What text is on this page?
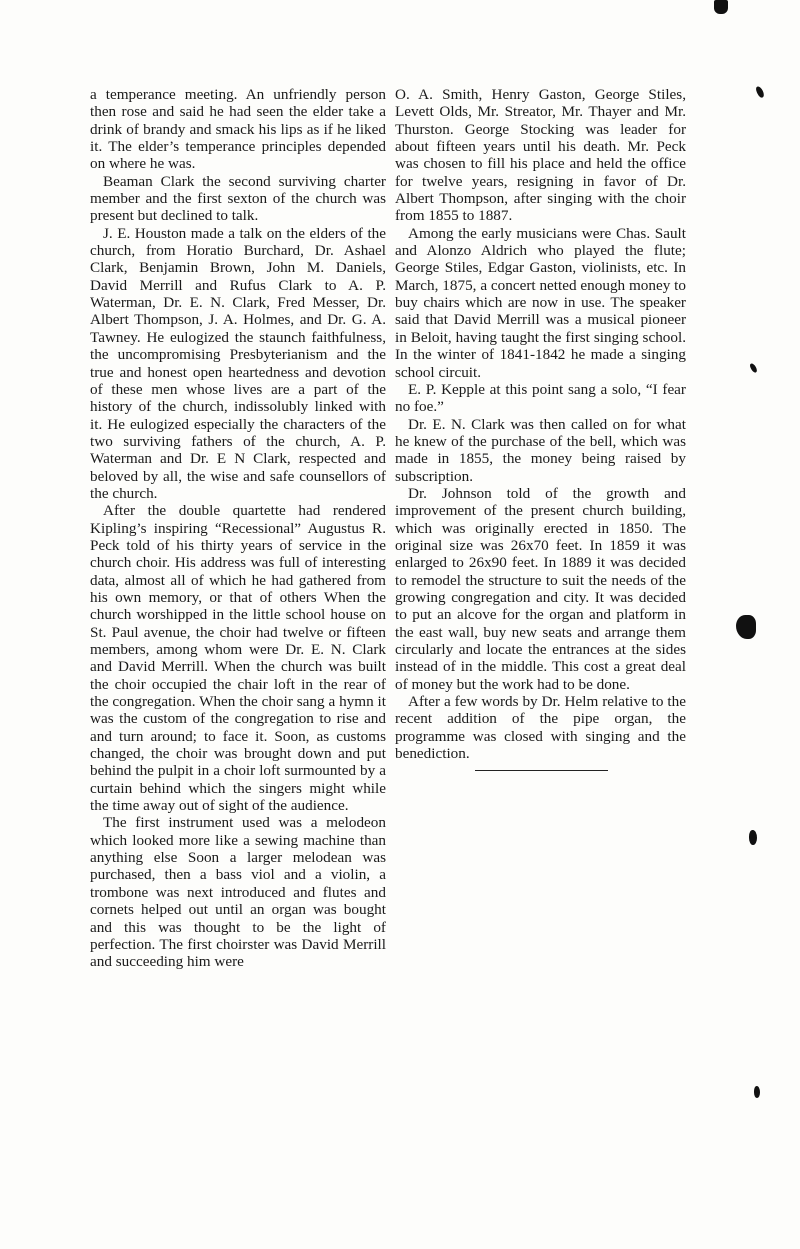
a temperance meeting. An unfriendly person then rose and said he had seen the elder take a drink of brandy and smack his lips as if he liked it. The elder’s temperance principles depended on where he was.

Beaman Clark the second surviving charter member and the first sexton of the church was present but declined to talk.

J. E. Houston made a talk on the elders of the church, from Horatio Burchard, Dr. Ashael Clark, Benjamin Brown, John M. Daniels, David Merrill and Rufus Clark to A. P. Waterman, Dr. E. N. Clark, Fred Messer, Dr. Albert Thompson, J. A. Holmes, and Dr. G. A. Tawney. He eulogized the staunch faithfulness, the uncompromising Presbyterianism and the true and honest open heartedness and devotion of these men whose lives are a part of the history of the church, indissolubly linked with it. He eulogized especially the characters of the two surviving fathers of the church, A. P. Waterman and Dr. E N Clark, respected and beloved by all, the wise and safe counsellors of the church.

After the double quartette had rendered Kipling’s inspiring “Recessional” Augustus R. Peck told of his thirty years of service in the church choir. His address was full of interesting data, almost all of which he had gathered from his own memory, or that of others When the church worshipped in the little school house on St. Paul avenue, the choir had twelve or fifteen members, among whom were Dr. E. N. Clark and David Merrill. When the church was built the choir occupied the chair loft in the rear of the congregation. When the choir sang a hymn it was the custom of the congregation to rise and and turn around; to face it. Soon, as customs changed, the choir was brought down and put behind the pulpit in a choir loft surmounted by a curtain behind which the singers might while the time away out of sight of the audience.

The first instrument used was a melodeon which looked more like a sewing machine than anything else Soon a larger melodean was purchased, then a bass viol and a violin, a trombone was next introduced and flutes and cornets helped out until an organ was bought and this was thought to be the light of perfection. The first choirster was David Merrill and succeeding him were

O. A. Smith, Henry Gaston, George Stiles, Levett Olds, Mr. Streator, Mr. Thayer and Mr. Thurston. George Stocking was leader for about fifteen years until his death. Mr. Peck was chosen to fill his place and held the office for twelve years, resigning in favor of Dr. Albert Thompson, after singing with the choir from 1855 to 1887.

Among the early musicians were Chas. Sault and Alonzo Aldrich who played the flute; George Stiles, Edgar Gaston, violinists, etc. In March, 1875, a concert netted enough money to buy chairs which are now in use. The speaker said that David Merrill was a musical pioneer in Beloit, having taught the first singing school. In the winter of 1841-1842 he made a singing school circuit.

E. P. Kepple at this point sang a solo, “I fear no foe.”

Dr. E. N. Clark was then called on for what he knew of the purchase of the bell, which was made in 1855, the money being raised by subscription.

Dr. Johnson told of the growth and improvement of the present church building, which was originally erected in 1850. The original size was 26x70 feet. In 1859 it was enlarged to 26x90 feet. In 1889 it was decided to remodel the structure to suit the needs of the growing congregation and city. It was decided to put an alcove for the organ and platform in the east wall, buy new seats and arrange them circularly and locate the entrances at the sides instead of in the middle. This cost a great deal of money but the work had to be done.

After a few words by Dr. Helm relative to the recent addition of the pipe organ, the programme was closed with singing and the benediction.
